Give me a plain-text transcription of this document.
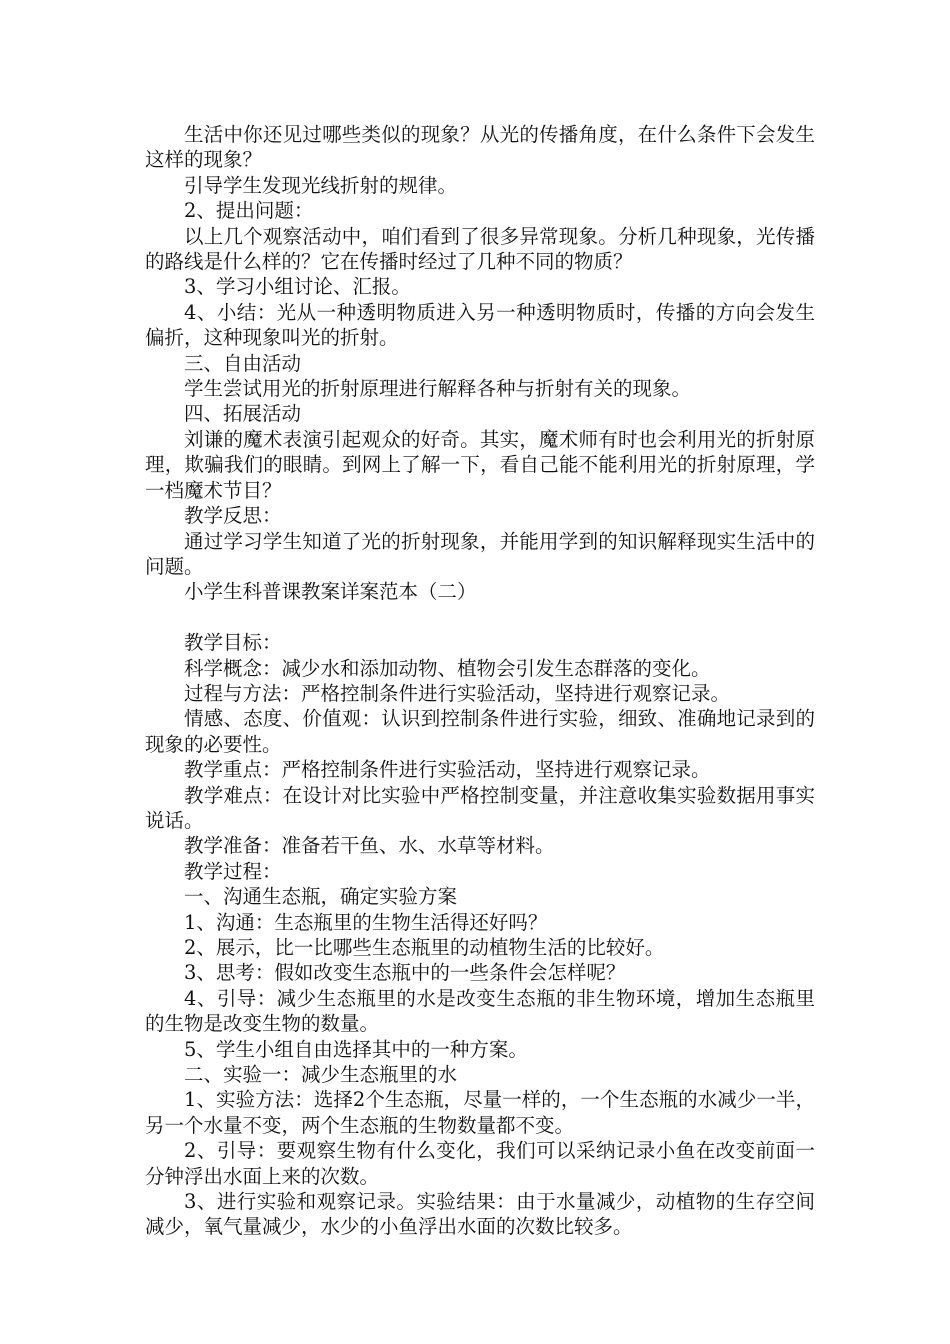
生活中你还见过哪些类似的现象？从光的传播角度，在什么条件下会发生这样的现象？

引导学生发现光线折射的规律。

2、提出问题：

以上几个观察活动中，咱们看到了很多异常现象。分析几种现象，光传播的路线是什么样的？它在传播时经过了几种不同的物质？

3、学习小组讨论、汇报。

4、小结：光从一种透明物质进入另一种透明物质时，传播的方向会发生偏折，这种现象叫光的折射。

三、自由活动

学生尝试用光的折射原理进行解释各种与折射有关的现象。

四、拓展活动

刘谦的魔术表演引起观众的好奇。其实，魔术师有时也会利用光的折射原理，欺骗我们的眼睛。到网上了解一下，看自己能不能利用光的折射原理，学一档魔术节目？

教学反思：

通过学习学生知道了光的折射现象，并能用学到的知识解释现实生活中的问题。

小学生科普课教案详案范本（二）

教学目标：

科学概念：减少水和添加动物、植物会引发生态群落的变化。

过程与方法：严格控制条件进行实验活动，坚持进行观察记录。

情感、态度、价值观：认识到控制条件进行实验，细致、准确地记录到的现象的必要性。

教学重点：严格控制条件进行实验活动，坚持进行观察记录。

教学难点：在设计对比实验中严格控制变量，并注意收集实验数据用事实说话。

教学准备：准备若干鱼、水、水草等材料。

教学过程：

一、沟通生态瓶，确定实验方案

1、沟通：生态瓶里的生物生活得还好吗？

2、展示，比一比哪些生态瓶里的动植物生活的比较好。

3、思考：假如改变生态瓶中的一些条件会怎样呢？

4、引导：减少生态瓶里的水是改变生态瓶的非生物环境，增加生态瓶里的生物是改变生物的数量。

5、学生小组自由选择其中的一种方案。

二、实验一：减少生态瓶里的水

1、实验方法：选择2个生态瓶，尽量一样的，一个生态瓶的水减少一半，另一个水量不变，两个生态瓶的生物数量都不变。

2、引导：要观察生物有什么变化，我们可以采纳记录小鱼在改变前面一分钟浮出水面上来的次数。

3、进行实验和观察记录。实验结果：由于水量减少，动植物的生存空间减少，氧气量减少，水少的小鱼浮出水面的次数比较多。
